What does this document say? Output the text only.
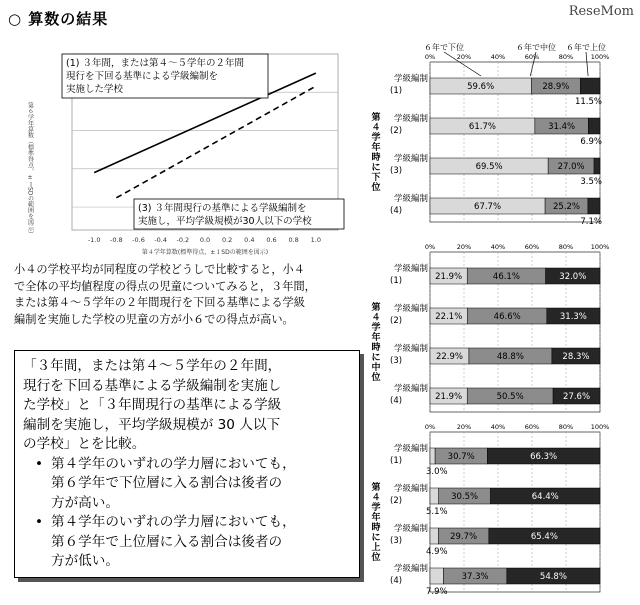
○ 算数の結果	ReseMom
-1.0 -0.8 -0.6 -0.4 -0.2 0.0 0.2 0.4 0.6 0.8 1.0
第４学年算数(標準得点，±１SDの範囲を図示)
第６学年算数（標準得点，±１SDの範囲を図示）
(1) ３年間，または第４～５学年の２年間
現行を下回る基準による学級編制を
実施した学校
(3) ３年間現行の基準による学級編制を
実施し，平均学級規模が30人以下の学校
小４の学校平均が同程度の学校どうしで比較すると，小４
で全体の平均値程度の得点の児童についてみると，３年間，
または第４～５学年の２年間現行を下回る基準による学級
編制を実施した学校の児童の方が小６での得点が高い。
「３年間，または第４～５学年の２年間，
現行を下回る基準による学級編制を実施し
た学校」と「３年間現行の基準による学級
編制を実施し，平均学級規模が 30 人以下
の学校」とを比較。
• 第４学年のいずれの学力層においても，
第６学年で下位層に入る割合は後者の
方が高い。
• 第４学年のいずれの学力層においても，
第６学年で上位層に入る割合は後者の
方が低い。
６年で下位	６年で中位 ６年で上位
0%	20%	40%	60%	80%	100%
第
４
学
年
時
に
下
位
学級編制
(1)	59.6%	28.9%
11.5%
学級編制
(2)	61.7%	31.4%
6.9%
学級編制
(3)	69.5%	27.0%
3.5%
学級編制
(4)	67.7%	25.2%
7.1%
0%	20%	40%	60%	80%	100%
第
４
学
年
時
に
中
位
学級編制
(1)	21.9%	46.1%	32.0%
学級編制
(2)	22.1%	46.6%	31.3%
学級編制
(3)	22.9%	48.8%	28.3%
学級編制
(4)	21.9%	50.5%	27.6%
0%	20%	40%	60%	80%	100%
第
４
学
年
時
に
上
位
学級編制
(1)
3.0%
30.7%	66.3%
学級編制
(2)
5.1%
30.5%	64.4%
学級編制
(3)
4.9%
29.7%	65.4%
学級編制
(4)
7.9%
37.3%	54.8%
